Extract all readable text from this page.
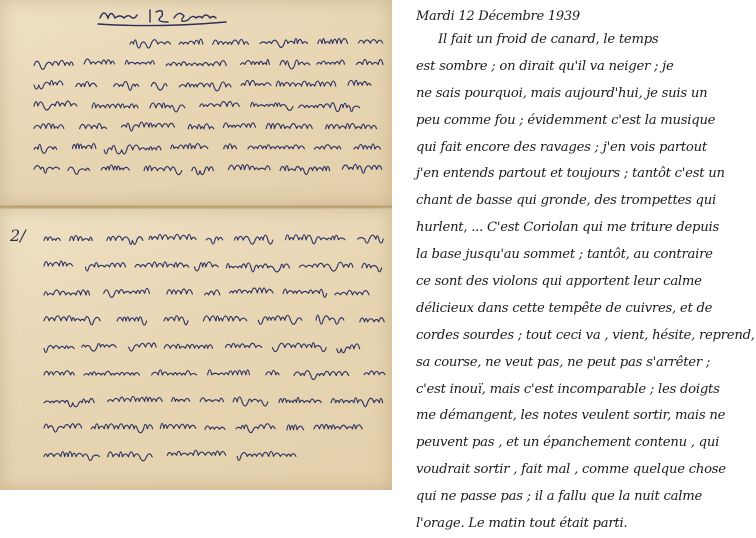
2/
Mardi 12 Décembre 1939
Il fait un froid de canard, le temps
est sombre ; on dirait qu'il va neiger ; je
ne sais pourquoi, mais aujourd'hui, je suis un
peu comme fou ; évidemment c'est la musique
qui fait encore des ravages ; j'en vois partout
j'en entends partout et toujours ; tantôt c'est un
chant de basse qui gronde, des trompettes qui
hurlent, ... C'est Coriolan qui me triture depuis
la base jusqu'au sommet ; tantôt, au contraire
ce sont des violons qui apportent leur calme
délicieux dans cette tempête de cuivres, et de
cordes sourdes ; tout ceci va , vient, hésite, reprend,
sa course, ne veut pas, ne peut pas s'arrêter ;
c'est inouï, mais c'est incomparable ; les doigts
me démangent, les notes veulent sortir, mais ne
peuvent pas , et un épanchement contenu , qui
voudrait sortir , fait mal , comme quelque chose
qui ne passe pas ; il a fallu que la nuit calme
l'orage. Le matin tout était parti.
